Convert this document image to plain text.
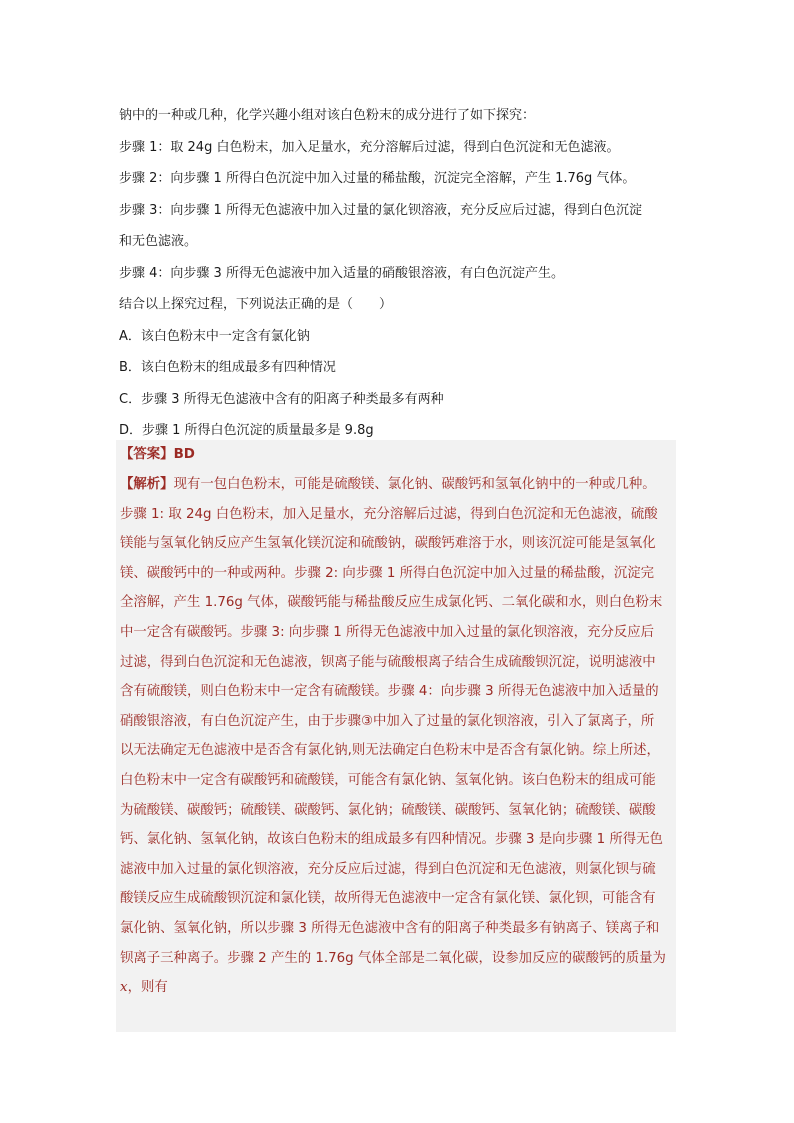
钠中的一种或几种，化学兴趣小组对该白色粉末的成分进行了如下探究：
步骤 1：取 24g 白色粉末，加入足量水，充分溶解后过滤，得到白色沉淀和无色滤液。
步骤 2：向步骤 1 所得白色沉淀中加入过量的稀盐酸，沉淀完全溶解，产生 1.76g 气体。
步骤 3：向步骤 1 所得无色滤液中加入过量的氯化钡溶液，充分反应后过滤，得到白色沉淀
和无色滤液。
步骤 4：向步骤 3 所得无色滤液中加入适量的硝酸银溶液，有白色沉淀产生。
结合以上探究过程，下列说法正确的是（　　）
A．该白色粉末中一定含有氯化钠
B．该白色粉末的组成最多有四种情况
C．步骤 3 所得无色滤液中含有的阳离子种类最多有两种
D．步骤 1 所得白色沉淀的质量最多是 9.8g
【答案】BD
【解析】现有一包白色粉末，可能是硫酸镁、氯化钠、碳酸钙和氢氧化钠中的一种或几种。
步骤 1: 取 24g 白色粉末，加入足量水，充分溶解后过滤，得到白色沉淀和无色滤液，硫酸
镁能与氢氧化钠反应产生氢氧化镁沉淀和硫酸钠，碳酸钙难溶于水，则该沉淀可能是氢氧化
镁、碳酸钙中的一种或两种。步骤 2: 向步骤 1 所得白色沉淀中加入过量的稀盐酸，沉淀完
全溶解，产生 1.76g 气体，碳酸钙能与稀盐酸反应生成氯化钙、二氧化碳和水，则白色粉末
中一定含有碳酸钙。步骤 3: 向步骤 1 所得无色滤液中加入过量的氯化钡溶液，充分反应后
过滤，得到白色沉淀和无色滤液，钡离子能与硫酸根离子结合生成硫酸钡沉淀，说明滤液中
含有硫酸镁，则白色粉末中一定含有硫酸镁。步骤 4：向步骤 3 所得无色滤液中加入适量的
硝酸银溶液，有白色沉淀产生，由于步骤③中加入了过量的氯化钡溶液，引入了氯离子，所
以无法确定无色滤液中是否含有氯化钠,则无法确定白色粉末中是否含有氯化钠。综上所述，
白色粉末中一定含有碳酸钙和硫酸镁，可能含有氯化钠、氢氧化钠。该白色粉末的组成可能
为硫酸镁、碳酸钙；硫酸镁、碳酸钙、氯化钠；硫酸镁、碳酸钙、氢氧化钠；硫酸镁、碳酸
钙、氯化钠、氢氧化钠，故该白色粉末的组成最多有四种情况。步骤 3 是向步骤 1 所得无色
滤液中加入过量的氯化钡溶液，充分反应后过滤，得到白色沉淀和无色滤液，则氯化钡与硫
酸镁反应生成硫酸钡沉淀和氯化镁，故所得无色滤液中一定含有氯化镁、氯化钡，可能含有
氯化钠、氢氧化钠，所以步骤 3 所得无色滤液中含有的阳离子种类最多有钠离子、镁离子和
钡离子三种离子。步骤 2 产生的 1.76g 气体全部是二氧化碳，设参加反应的碳酸钙的质量为
x，则有
